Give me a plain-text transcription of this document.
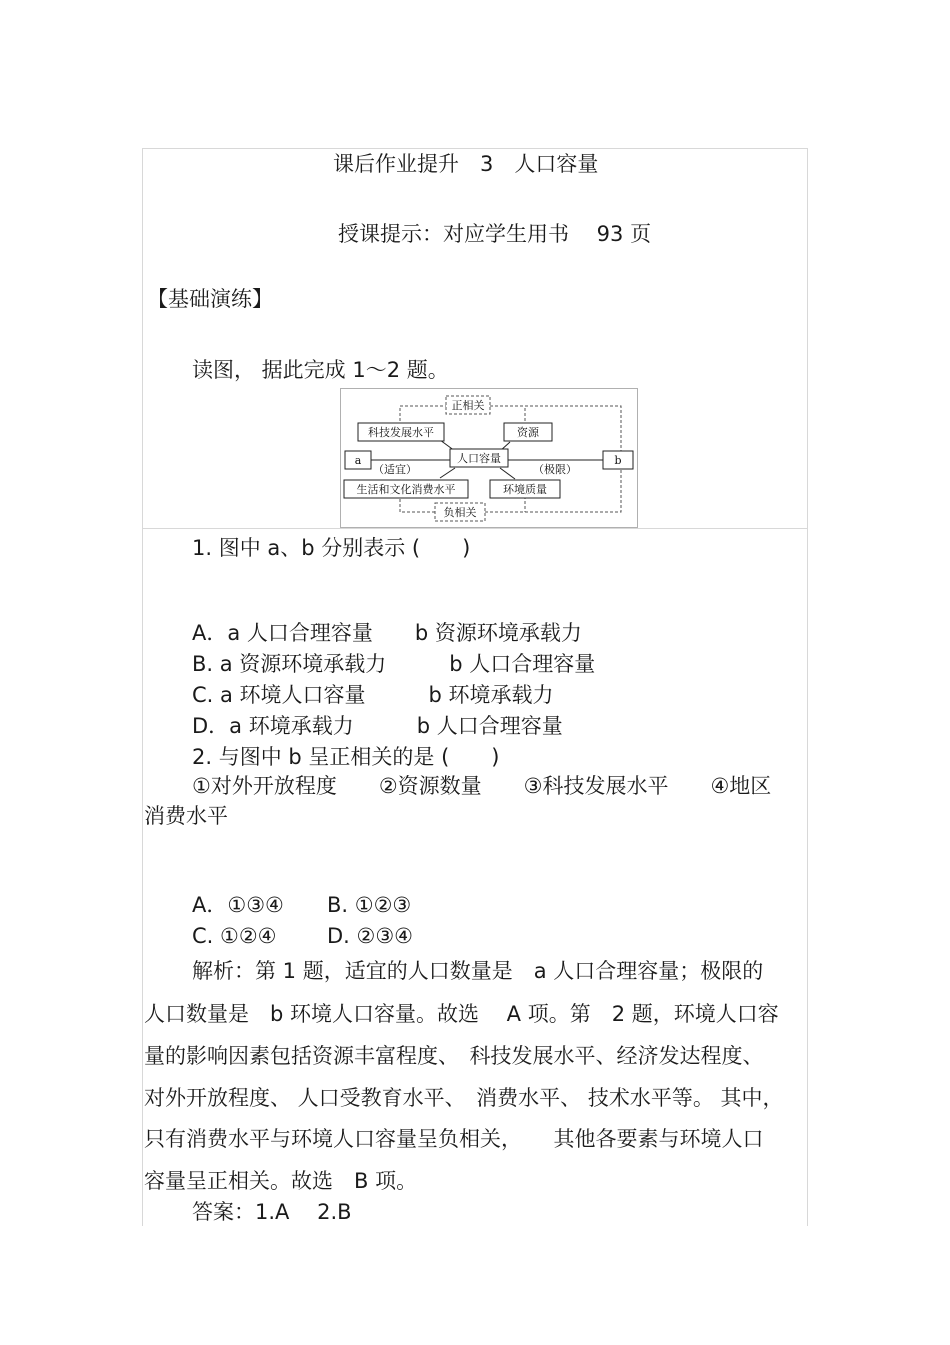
课后作业提升　3　人口容量
授课提示：对应学生用书　 93 页
【基础演练】
读图， 据此完成 1～2 题。
正相关
负相关
科技发展水平	资源
a	b
人口容量
（适宜）	（极限）
生活和文化消费水平	环境质量
1. 图中 a、b 分别表示 (　　)
A．a 人口合理容量　　b 资源环境承载力
B. a 资源环境承载力　　　b 人口合理容量
C. a 环境人口容量　　　b 环境承载力
D．a 环境承载力　　　b 人口合理容量
2. 与图中 b 呈正相关的是 (　　)
①对外开放程度　　②资源数量　　③科技发展水平　　④地区
消费水平
A．①③④ B. ①②③
C. ①②④ D. ②③④
解析：第 1 题，适宜的人口数量是　a 人口合理容量；极限的
人口数量是　b 环境人口容量。故选　 A 项。第　2 题，环境人口容
量的影响因素包括资源丰富程度、　科技发展水平、经济发达程度、
对外开放程度、 人口受教育水平、　消费水平、 技术水平等。 其中，
只有消费水平与环境人口容量呈负相关，　　其他各要素与环境人口
容量呈正相关。故选　B 项。
答案：1.A　 2.B
